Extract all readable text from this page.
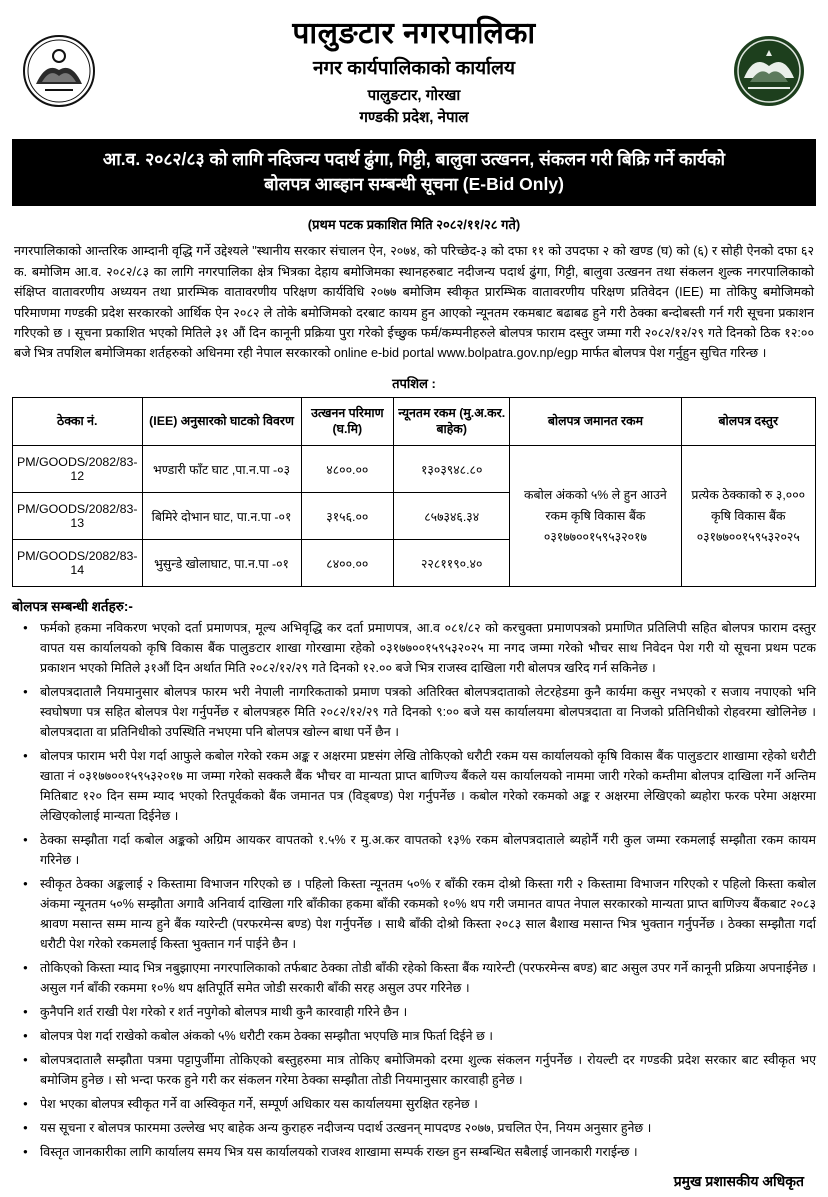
पालुङटार नगरपालिका
नगर कार्यपालिकाको कार्यालय
पालुङटार, गोरखा
गण्डकी प्रदेश, नेपाल
आ.व. २०८२/८३ को लागि नदिजन्य पदार्थ ढुंगा, गिट्टी, बालुवा उत्खनन, संकलन गरी बिक्रि गर्ने कार्यको
बोलपत्र आब्हान सम्बन्धी सूचना (E-Bid Only)
(प्रथम पटक प्रकाशित मिति २०८२/११/२८ गते)
नगरपालिकाको आन्तरिक आम्दानी वृद्धि गर्ने उद्देश्यले "स्थानीय सरकार संचालन ऐन, २०७४, को परिच्छेद-३ को दफा ११ को उपदफा २ को खण्ड (घ) को (६) र सोही ऐनको दफा ६२ क. बमोजिम आ.व. २०८२/८३ का लागि नगरपालिका क्षेत्र भित्रका देहाय बमोजिमका स्थानहरुबाट नदीजन्य पदार्थ ढुंगा, गिट्टी, बालुवा उत्खनन तथा संकलन शुल्क नगरपालिकाको संक्षिप्त वातावरणीय अध्ययन तथा प्रारम्भिक वातावरणीय परिक्षण कार्यविधि २०७७ बमोजिम स्वीकृत प्रारम्भिक वातावरणीय परिक्षण प्रतिवेदन (IEE) मा तोकिएु बमोजिमको परिमाणमा गण्डकी प्रदेश सरकारको आर्थिक ऐन २०८२ ले तोके बमोजिमको दरबाट कायम हुन आएको न्यूनतम रकमबाट बढाबढ हुने गरी ठेक्का बन्दोबस्ती गर्न गरी सूचना प्रकाशन गरिएको छ । सूचना प्रकाशित भएको मितिले ३१ औं दिन कानूनी प्रक्रिया पुरा गरेको ईच्छुक फर्म/कम्पनीहरुले बोलपत्र फाराम दस्तुर जम्मा गरी २०८२/१२/२९ गते दिनको ठिक १२:०० बजे भित्र तपशिल बमोजिमका शर्तहरुको अधिनमा रही नेपाल सरकारको online e-bid portal www.bolpatra.gov.np/egp मार्फत बोलपत्र पेश गर्नुहुन सुचित गरिन्छ ।
तपशिल :
ठेक्का नं.	(IEE) अनुसारको घाटको विवरण	उत्खनन परिमाण (घ.मि)	न्यूनतम रकम (मु.अ.कर. बाहेक)	बोलपत्र जमानत रकम	बोलपत्र दस्तुर
PM/GOODS/2082/83-12	भण्डारी फाँट घाट ,पा.न.पा -०३	४८००.००	१३०३९४८.८०	कबोल अंकको ५% ले हुन आउने रकम कृषि विकास बैंक ०३१७७००१५९५३२०१७	प्रत्येक ठेक्काको रु ३,००० कृषि विकास बैंक ०३१७७००१५९५३२०२५
PM/GOODS/2082/83-13	बिमिरे दोभान घाट, पा.न.पा -०१	३१५६.००	८५७३४६.३४		
PM/GOODS/2082/83-14	भुसुन्डे खोलाघाट, पा.न.पा -०१	८४००.००	२२८११९०.४०		
बोलपत्र सम्बन्धी शर्तहरु:-
● फर्मको हकमा नविकरण भएको दर्ता प्रमाणपत्र, मूल्य अभिवृद्धि कर दर्ता प्रमाणपत्र, आ.व ०८१/८२ को करचुक्ता प्रमाणपत्रको प्रमाणित प्रतिलिपी सहित बोलपत्र फाराम दस्तुर वापत यस कार्यालयको कृषि विकास बैंक पालुङटार शाखा गोरखामा रहेको ०३१७७००१५९५३२०२५ मा नगद जम्मा गरेको भौचर साथ निवेदन पेश गरी यो सूचना प्रथम पटक प्रकाशन भएको मितिले ३१औं दिन अर्थात मिति २०८२/१२/२९ गते दिनको १२.०० बजे भित्र राजस्व दाखिला गरी बोलपत्र खरिद गर्न सकिनेछ ।
● बोलपत्रदातालै नियमानुसार बोलपत्र फारम भरी नेपाली नागरिकताको प्रमाण पत्रको अतिरिक्त बोलपत्रदाताको लेटरहेडमा कुनै कार्यमा कसुर नभएको र सजाय नपाएको भनि स्वघोषणा पत्र सहित बोलपत्र पेश गर्नुपर्नेछ र बोलपत्रहरु मिति २०८२/१२/२९ गते दिनको ९:०० बजे यस कार्यालयमा बोलपत्रदाता वा निजको प्रतिनिधीको रोहवरमा खोलिनेछ । बोलपत्रदाता वा प्रतिनिधीको उपस्थिति नभएमा पनि बोलपत्र खोल्न बाधा पर्ने छैन ।
● बोलपत्र फाराम भरी पेश गर्दा आफुले कबोल गरेको रकम अङ्क र अक्षरमा प्रष्टसंग लेखि तोकिएको धरौटी रकम यस कार्यालयको कृषि विकास बैंक पालुङटार शाखामा रहेको धरौटी खाता नं ०३१७७००१५९५३२०१७ मा जम्मा गरेको सक्कलै बैंक भौचर वा मान्यता प्राप्त बाणिज्य बैंकले यस कार्यालयको नाममा जारी गरेको कम्तीमा बोलपत्र दाखिला गर्ने अन्तिम मितिबाट १२० दिन सम्म म्याद भएको रितपूर्वकको बैंक जमानत पत्र (विड्बण्ड) पेश गर्नुपर्नेछ । कबोल गरेको रकमको अङ्क र अक्षरमा लेखिएको ब्यहोरा फरक परेमा अक्षरमा लेखिएकोलाई मान्यता दिईनेछ ।
● ठेक्का सम्झौता गर्दा कबोल अङ्कको अग्रिम आयकर वापतको १.५% र मु.अ.कर वापतको १३% रकम बोलपत्रदाताले ब्यहोर्नै गरी कुल जम्मा रकमलाई सम्झौता रकम कायम गरिनेछ ।
● स्वीकृत ठेक्का अङ्कलाई २ किस्तामा विभाजन गरिएको छ । पहिलो किस्ता न्यूनतम ५०% र बाँकी रकम दोश्रो किस्ता गरी २ किस्तामा विभाजन गरिएको र पहिलो किस्ता कबोल अंकमा न्यूनतम ५०% सम्झौता अगावै अनिवार्य दाखिला गरि बाँकीका हकमा बाँकी रकमको १०% थप गरी जमानत वापत नेपाल सरकारको मान्यता प्राप्त बाणिज्य बैंकबाट २०८३ श्रावण मसान्त सम्म मान्य हुने बैंक ग्यारेन्टी (परफरमेन्स बण्ड) पेश गर्नुपर्नेछ । साथै बाँकी दोश्रो किस्ता २०८३ साल बैशाख मसान्त भित्र भुक्तान गर्नुपर्नेछ । ठेक्का सम्झौता गर्दा धरौटी पेश गरेको रकमलाई किस्ता भुक्तान गर्न पाईने छैन ।
● तोकिएको किस्ता म्याद भित्र नबुझाएमा नगरपालिकाको तर्फबाट ठेक्का तोडी बाँकी रहेको किस्ता बैंक ग्यारेन्टी (परफरमेन्स बण्ड) बाट असुल उपर गर्ने कानूनी प्रक्रिया अपनाईनेछ । असुल गर्न बाँकी रकममा १०% थप क्षतिपूर्ति समेत जोडी सरकारी बाँकी सरह असुल उपर गरिनेछ ।
● कुनैपनि शर्त राखी पेश गरेको र शर्त नपुगेको बोलपत्र माथी कुनै कारवाही गरिने छैन ।
● बोलपत्र पेश गर्दा राखेको कबोल अंकको ५% धरौटी रकम ठेक्का सम्झौता भएपछि मात्र फिर्ता दिईने छ ।
● बोलपत्रदातालै सम्झौता पत्रमा पट्टापुर्जीमा तोकिएको बस्तुहरुमा मात्र तोकिए बमोजिमको दरमा शुल्क संकलन गर्नुपर्नेछ । रोयल्टी दर गण्डकी प्रदेश सरकार बाट स्वीकृत भए बमोजिम हुनेछ । सो भन्दा फरक हुने गरी कर संकलन गरेमा ठेक्का सम्झौता तोडी नियमानुसार कारवाही हुनेछ ।
● पेश भएका बोलपत्र स्वीकृत गर्ने वा अस्विकृत गर्ने, सम्पूर्ण अधिकार यस कार्यालयमा सुरक्षित रहनेछ ।
● यस सूचना र बोलपत्र फारममा उल्लेख भए बाहेक अन्य कुराहरु नदीजन्य पदार्थ उत्खनन् मापदण्ड २०७७, प्रचलित ऐन, नियम अनुसार हुनेछ ।
● विस्तृत जानकारीका लागि कार्यालय समय भित्र यस कार्यालयको राजश्व शाखामा सम्पर्क राख्न हुन सम्बन्धित सबैलाई जानकारी गराईन्छ ।
प्रमुख प्रशासकीय अधिकृत
